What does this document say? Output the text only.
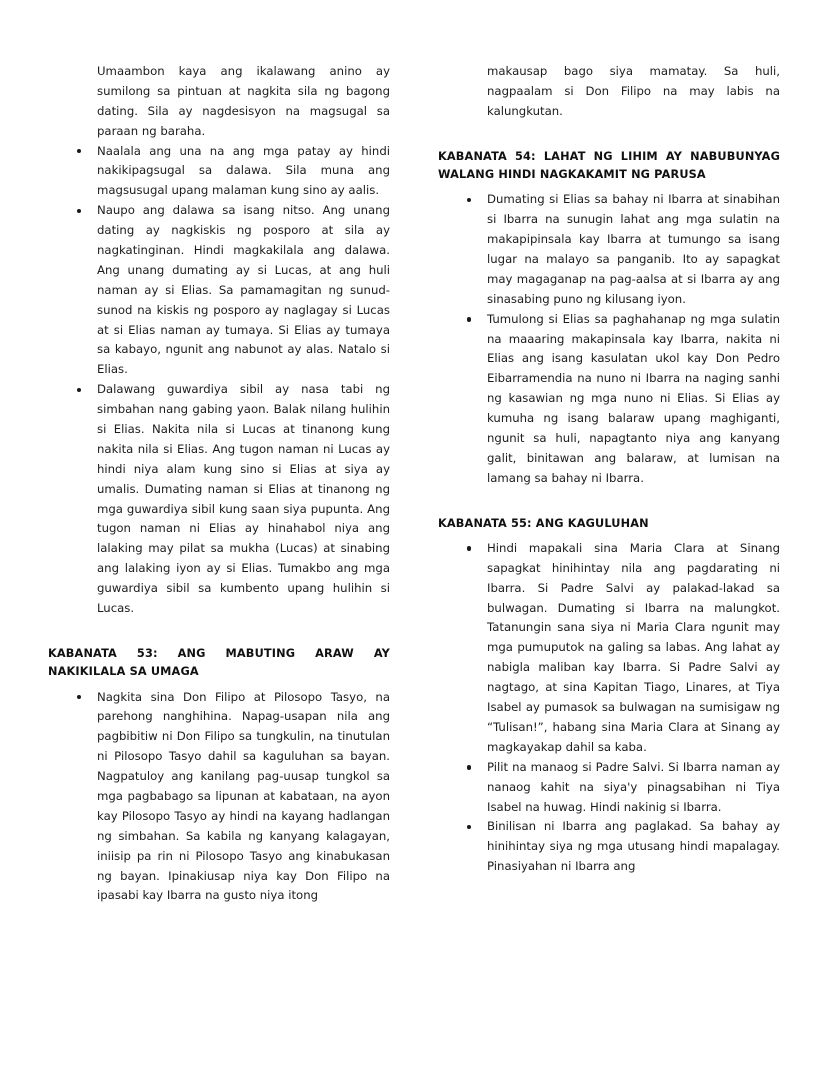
Umaambon kaya ang ikalawang anino ay sumilong sa pintuan at nagkita sila ng bagong dating. Sila ay nagdesisyon na magsugal sa paraan ng baraha.

Naalala ang una na ang mga patay ay hindi nakikipagsugal sa dalawa. Sila muna ang magsusugal upang malaman kung sino ay aalis.
Naupo ang dalawa sa isang nitso. Ang unang dating ay nagkiskis ng posporo at sila ay nagkatinginan. Hindi magkakilala ang dalawa. Ang unang dumating ay si Lucas, at ang huli naman ay si Elias. Sa pamamagitan ng sunud-sunod na kiskis ng posporo ay naglagay si Lucas at si Elias naman ay tumaya. Si Elias ay tumaya sa kabayo, ngunit ang nabunot ay alas. Natalo si Elias.
Dalawang guwardiya sibil ay nasa tabi ng simbahan nang gabing yaon. Balak nilang hulihin si Elias. Nakita nila si Lucas at tinanong kung nakita nila si Elias. Ang tugon naman ni Lucas ay hindi niya alam kung sino si Elias at siya ay umalis. Dumating naman si Elias at tinanong ng mga guwardiya sibil kung saan siya pupunta. Ang tugon naman ni Elias ay hinahabol niya ang lalaking may pilat sa mukha (Lucas) at sinabing ang lalaking iyon ay si Elias. Tumakbo ang mga guwardiya sibil sa kumbento upang hulihin si Lucas.
KABANATA 53: ANG MABUTING ARAW AY NAKIKILALA SA UMAGA
Nagkita sina Don Filipo at Pilosopo Tasyo, na parehong nanghihina. Napag-usapan nila ang pagbibitiw ni Don Filipo sa tungkulin, na tinutulan ni Pilosopo Tasyo dahil sa kaguluhan sa bayan. Nagpatuloy ang kanilang pag-uusap tungkol sa mga pagbabago sa lipunan at kabataan, na ayon kay Pilosopo Tasyo ay hindi na kayang hadlangan ng simbahan. Sa kabila ng kanyang kalagayan, iniisip pa rin ni Pilosopo Tasyo ang kinabukasan ng bayan. Ipinakiusap niya kay Don Filipo na ipasabi kay Ibarra na gusto niya itong

makausap bago siya mamatay. Sa huli, nagpaalam si Don Filipo na may labis na kalungkutan.

KABANATA 54: LAHAT NG LIHIM AY NABUBUNYAG WALANG HINDI NAGKAKAMIT NG PARUSA
Dumating si Elias sa bahay ni Ibarra at sinabihan si Ibarra na sunugin lahat ang mga sulatin na makapipinsala kay Ibarra at tumungo sa isang lugar na malayo sa panganib. Ito ay sapagkat may magaganap na pag-aalsa at si Ibarra ay ang sinasabing puno ng kilusang iyon.
Tumulong si Elias sa paghahanap ng mga sulatin na maaaring makapinsala kay Ibarra, nakita ni Elias ang isang kasulatan ukol kay Don Pedro Eibarramendia na nuno ni Ibarra na naging sanhi ng kasawian ng mga nuno ni Elias. Si Elias ay kumuha ng isang balaraw upang maghiganti, ngunit sa huli, napagtanto niya ang kanyang galit, binitawan ang balaraw, at lumisan na lamang sa bahay ni Ibarra.
KABANATA 55: ANG KAGULUHAN
Hindi mapakali sina Maria Clara at Sinang sapagkat hinihintay nila ang pagdarating ni Ibarra. Si Padre Salvi ay palakad-lakad sa bulwagan. Dumating si Ibarra na malungkot. Tatanungin sana siya ni Maria Clara ngunit may mga pumuputok na galing sa labas. Ang lahat ay nabigla maliban kay Ibarra. Si Padre Salvi ay nagtago, at sina Kapitan Tiago, Linares, at Tiya Isabel ay pumasok sa bulwagan na sumisigaw ng “Tulisan!”, habang sina Maria Clara at Sinang ay magkayakap dahil sa kaba.
Pilit na manaog si Padre Salvi. Si Ibarra naman ay nanaog kahit na siya'y pinagsabihan ni Tiya Isabel na huwag. Hindi nakinig si Ibarra.
Binilisan ni Ibarra ang paglakad. Sa bahay ay hinihintay siya ng mga utusang hindi mapalagay. Pinasiyahan ni Ibarra ang
